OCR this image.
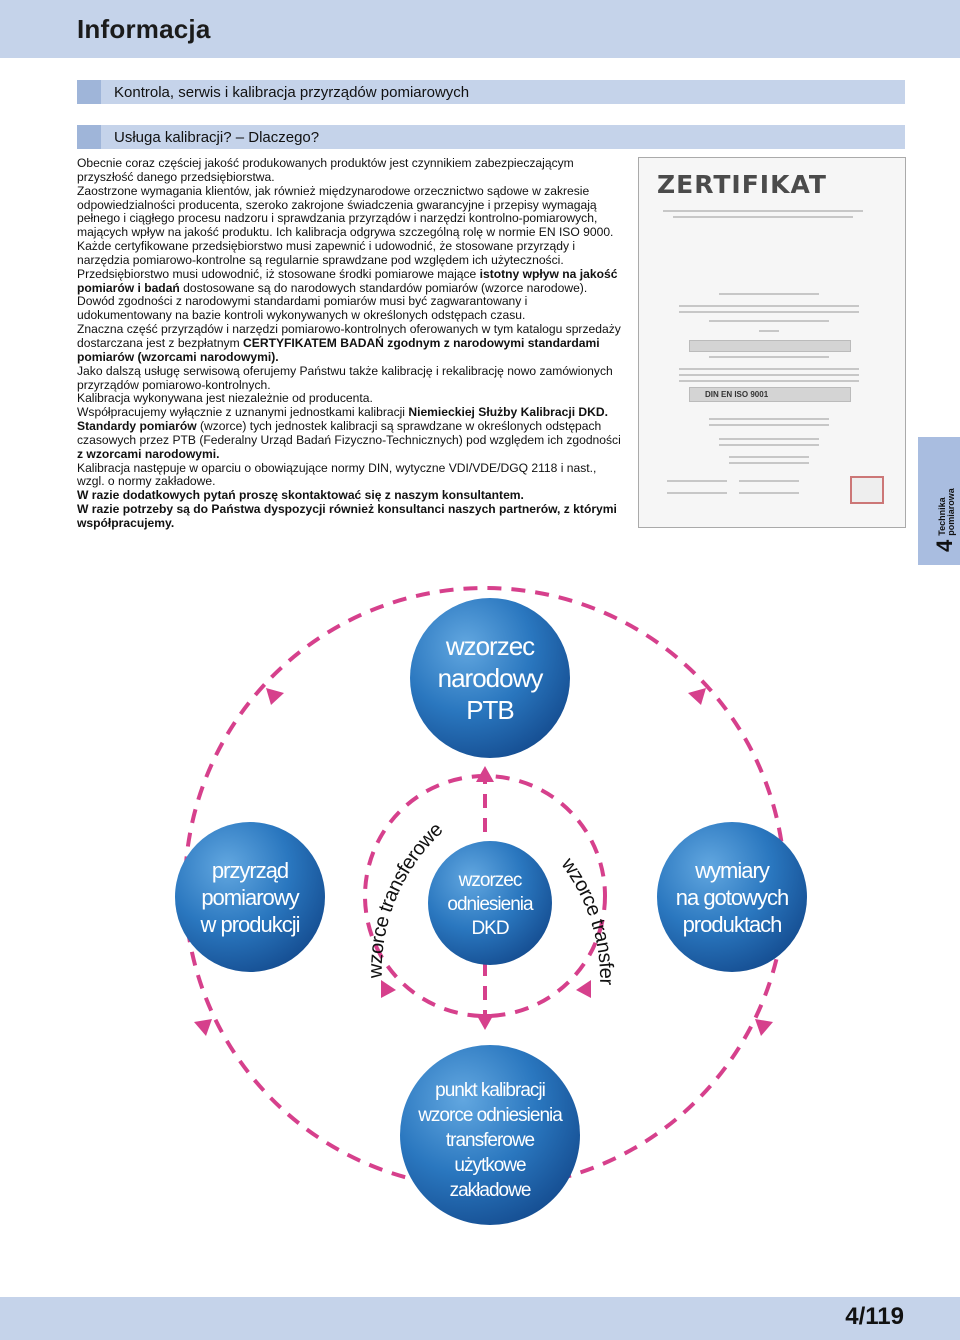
Informacja
Kontrola, serwis i kalibracja przyrządów pomiarowych
Usługa kalibracji? – Dlaczego?

Obecnie coraz częściej jakość produkowanych produktów jest czynnikiem zabezpieczającym przyszłość danego przedsiębiorstwa.

Zaostrzone wymagania klientów, jak również międzynarodowe orzecznictwo sądowe w zakresie odpowiedzialności producenta, szeroko zakrojone świadczenia gwarancyjne i przepisy wymagają pełnego i ciągłego procesu nadzoru i sprawdzania przyrządów i narzędzi kontrolno-pomiarowych, mających wpływ na jakość produktu. Ich kalibracja odgrywa szczególną rolę w normie EN ISO 9000. Każde certyfikowane przedsiębiorstwo musi zapewnić i udowodnić, że stosowane przyrządy i narzędzia pomiarowo-kontrolne są regularnie sprawdzane pod względem ich użyteczności.

Przedsiębiorstwo musi udowodnić, iż stosowane środki pomiarowe mające istotny wpływ na jakość pomiarów i badań dostosowane są do narodowych standardów pomiarów (wzorce narodowe). Dowód zgodności z narodowymi standardami pomiarów musi być zagwarantowany i udokumentowany na bazie kontroli wykonywanych w określonych odstępach czasu.

Znaczna część przyrządów i narzędzi pomiarowo-kontrolnych oferowanych w tym katalogu sprzedaży dostarczana jest z bezpłatnym CERTYFIKATEM BADAŃ zgodnym z narodowymi standardami pomiarów (wzorcami narodowymi).

Jako dalszą usługę serwisową oferujemy Państwu także kalibrację i rekalibrację nowo zamówionych przyrządów pomiarowo-kontrolnych.

Kalibracja wykonywana jest niezależnie od producenta.

Współpracujemy wyłącznie z uznanymi jednostkami kalibracji Niemieckiej Służby Kalibracji DKD.

Standardy pomiarów (wzorce) tych jednostek kalibracji są sprawdzane w określonych odstępach czasowych przez PTB (Federalny Urząd Badań Fizyczno-Technicznych) pod względem ich zgodności z wzorcami narodowymi.

Kalibracja następuje w oparciu o obowiązujące normy DIN, wytyczne VDI/VDE/DGQ 2118 i nast., wzgl. o normy zakładowe.

W razie dodatkowych pytań proszę skontaktować się z naszym konsultantem.

W razie potrzeby są do Państwa dyspozycji również konsultanci naszych partnerów, z którymi współpracujemy.

ZERTIFIKAT
DIN EN ISO 9001
4Technika
pomiarowa
wzorzec
narodowy
PTB
przyrząd
pomiarowy
w produkcji
wymiary
na gotowych
produktach
wzorzec
odniesienia
DKD
punkt kalibracji
wzorce odniesienia
transferowe
użytkowe
zakładowe
wzorce transferowe
wzorce transfer
4/119
